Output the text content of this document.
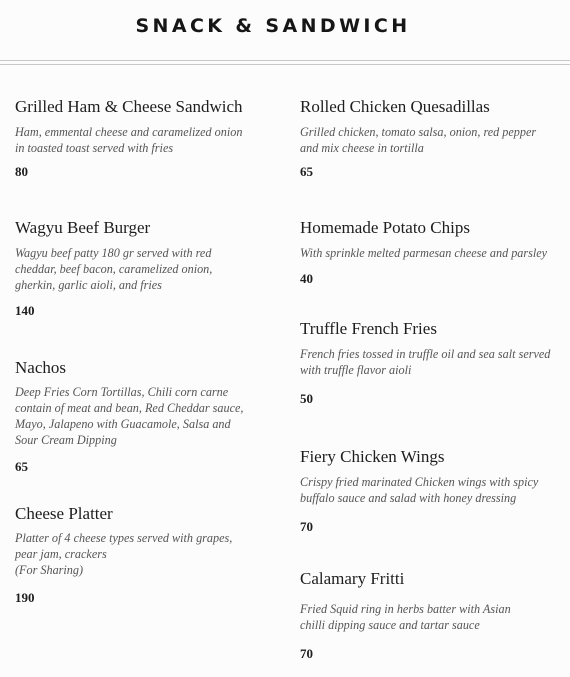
SNACK & SANDWICH
Grilled Ham & Cheese Sandwich
Ham, emmental cheese and caramelized onion
in toasted toast served with fries
80
Wagyu Beef Burger
Wagyu beef patty 180 gr served with red
cheddar, beef bacon, caramelized onion,
gherkin, garlic aioli, and fries
140
Nachos
Deep Fries Corn Tortillas, Chili corn carne
contain of meat and bean, Red Cheddar sauce,
Mayo, Jalapeno with Guacamole, Salsa and
Sour Cream Dipping
65
Cheese Platter
Platter of 4 cheese types served with grapes,
pear jam, crackers
(For Sharing)
190
Rolled Chicken Quesadillas
Grilled chicken, tomato salsa, onion, red pepper
and mix cheese in tortilla
65
Homemade Potato Chips
With sprinkle melted parmesan cheese and parsley
40
Truffle French Fries
French fries tossed in truffle oil and sea salt served
with truffle flavor aioli
50
Fiery Chicken Wings
Crispy fried marinated Chicken wings with spicy
buffalo sauce and salad with honey dressing
70
Calamary Fritti
Fried Squid ring in herbs batter with Asian
chilli dipping sauce and tartar sauce
70
